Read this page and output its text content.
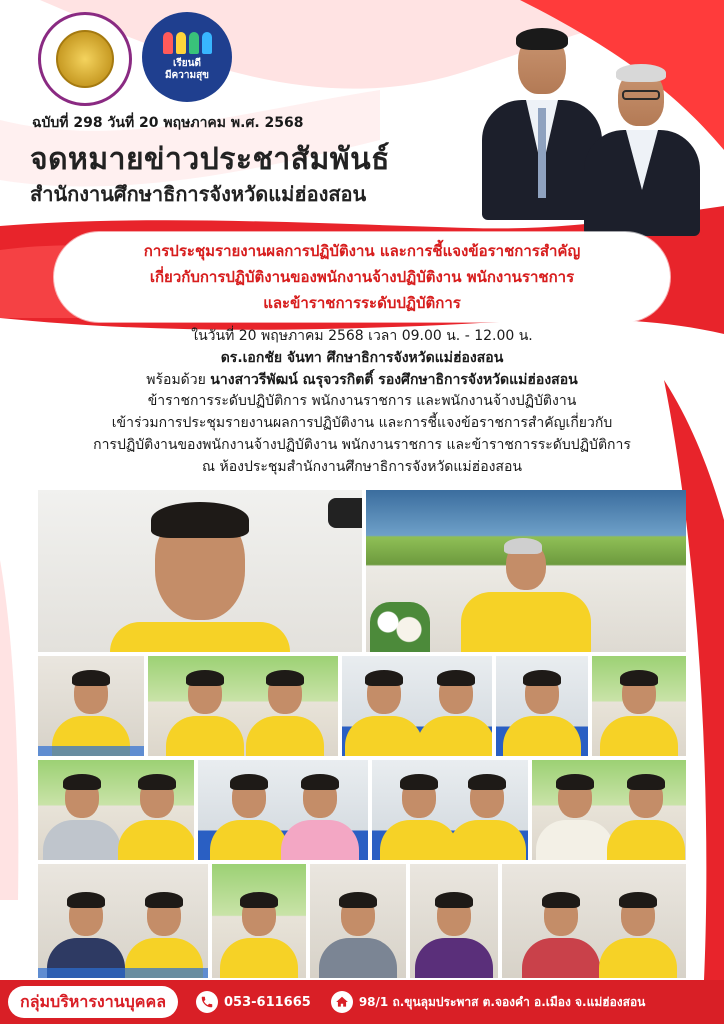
เรียนดี
มีความสุข
ฉบับที่ 298 วันที่ 20 พฤษภาคม พ.ศ. 2568
จดหมายข่าวประชาสัมพันธ์
สำนักงานศึกษาธิการจังหวัดแม่ฮ่องสอน
การประชุมรายงานผลการปฏิบัติงาน และการชี้แจงข้อราชการสำคัญ
เกี่ยวกับการปฏิบัติงานของพนักงานจ้างปฏิบัติงาน พนักงานราชการ
และข้าราชการระดับปฏิบัติการ
ในวันที่ 20 พฤษภาคม 2568 เวลา 09.00 น. - 12.00 น.
ดร.เอกชัย จันทา ศึกษาธิการจังหวัดแม่ฮ่องสอน
พร้อมด้วย นางสาวรีพัฒน์ ณรุจวรกิตติ์ รองศึกษาธิการจังหวัดแม่ฮ่องสอน
ข้าราชการระดับปฏิบัติการ พนักงานราชการ และพนักงานจ้างปฏิบัติงาน
เข้าร่วมการประชุมรายงานผลการปฏิบัติงาน และการชี้แจงข้อราชการสำคัญเกี่ยวกับ
การปฏิบัติงานของพนักงานจ้างปฏิบัติงาน พนักงานราชการ และข้าราชการระดับปฏิบัติการ
ณ ห้องประชุมสำนักงานศึกษาธิการจังหวัดแม่ฮ่องสอน
กลุ่มบริหารงานบุคคล	053-611665	98/1 ถ.ขุนลุมประพาส ต.จองคำ อ.เมือง จ.แม่ฮ่องสอน
